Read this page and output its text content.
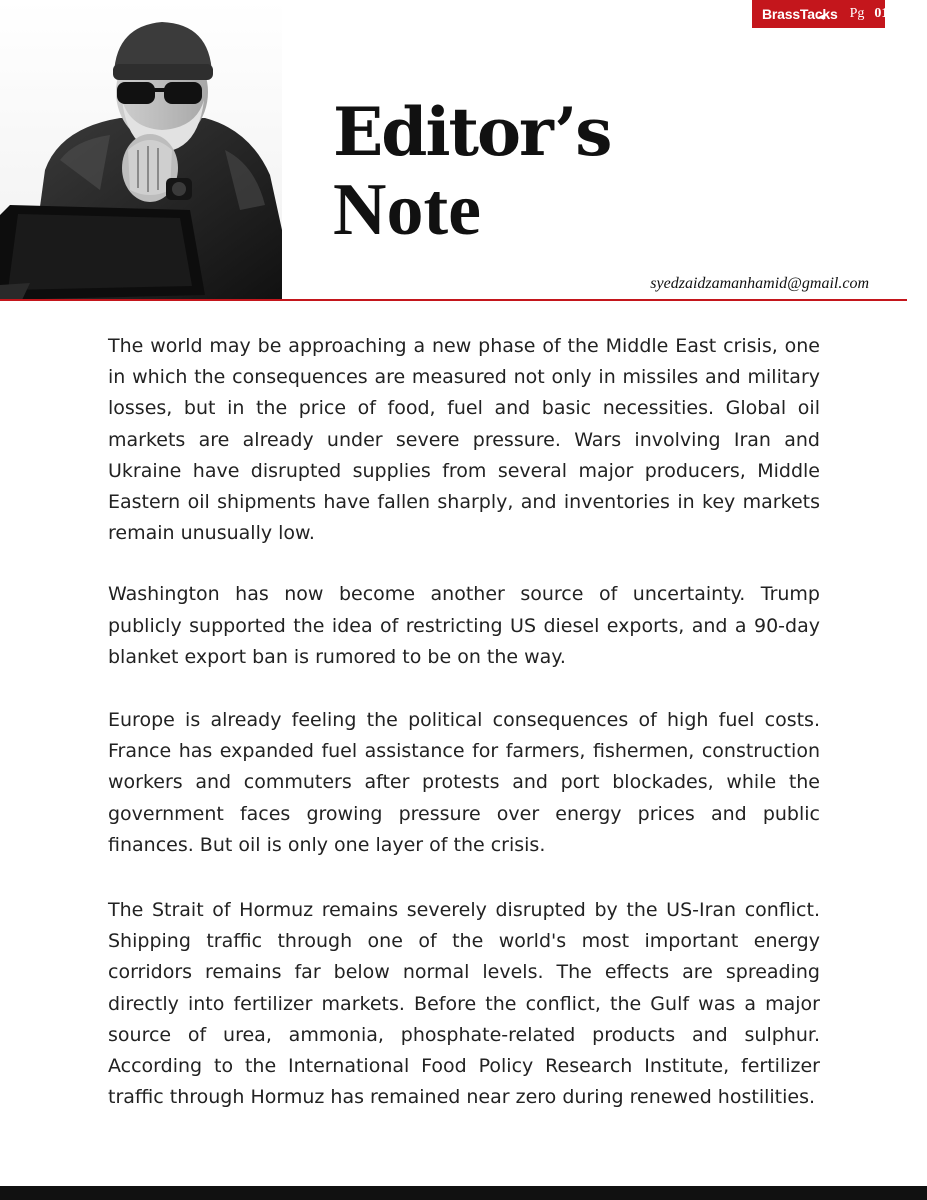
BrassTacks Pg 01
Editor’s
Note
syedzaidzamanhamid@gmail.com

The world may be approaching a new phase of the Middle East crisis, one in which the consequences are measured not only in missiles and military losses, but in the price of food, fuel and basic necessities. Global oil markets are already under severe pressure. Wars involving Iran and Ukraine have disrupted supplies from several major producers, Middle Eastern oil shipments have fallen sharply, and inventories in key markets remain unusually low.

Washington has now become another source of uncertainty. Trump publicly supported the idea of restricting US diesel exports, and a 90-day blanket export ban is rumored to be on the way.

Europe is already feeling the political consequences of high fuel costs. France has expanded fuel assistance for farmers, fishermen, construction workers and commuters after protests and port blockades, while the government faces growing pressure over energy prices and public finances. But oil is only one layer of the crisis.

The Strait of Hormuz remains severely disrupted by the US-Iran conflict. Shipping traffic through one of the world's most important energy corridors remains far below normal levels. The effects are spreading directly into fertilizer markets. Before the conflict, the Gulf was a major source of urea, ammonia, phosphate-related products and sulphur. According to the International Food Policy Research Institute, fertilizer traffic through Hormuz has remained near zero during renewed hostilities.
